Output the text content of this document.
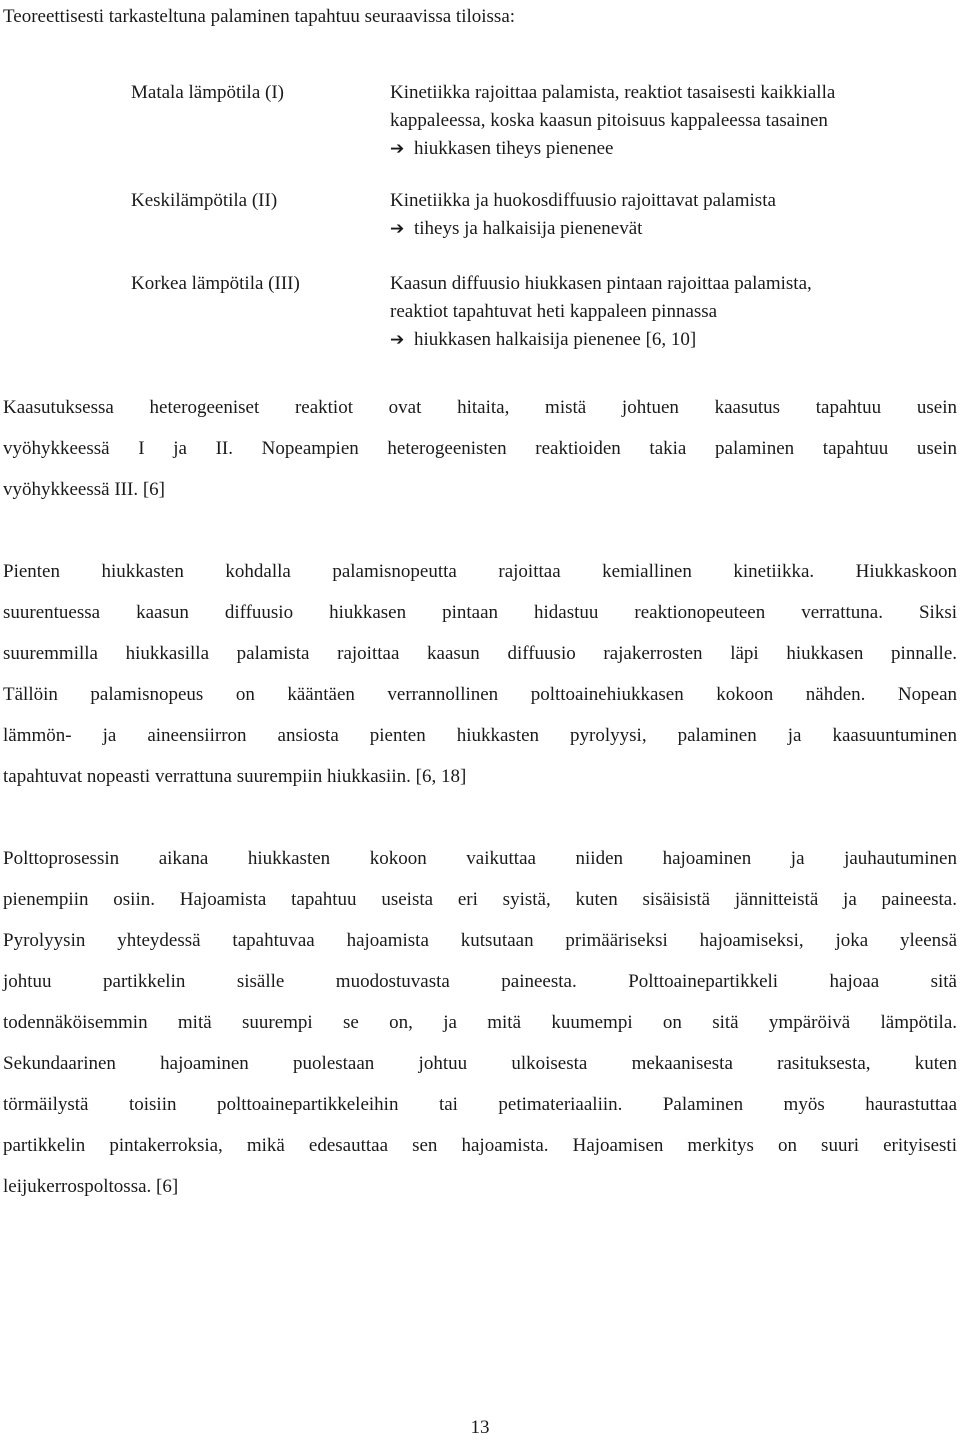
Teoreettisesti tarkasteltuna palaminen tapahtuu seuraavissa tiloissa:
Matala lämpötila (I)	Kinetiikka rajoittaa palamista, reaktiot tasaisesti kaikkialla
kappaleessa, koska kaasun pitoisuus kappaleessa tasainen
➔ hiukkasen tiheys pienenee
Keskilämpötila (II)	Kinetiikka ja huokosdiffuusio rajoittavat palamista
➔ tiheys ja halkaisija pienenevät
Korkea lämpötila (III)	Kaasun diffuusio hiukkasen pintaan rajoittaa palamista,
reaktiot tapahtuvat heti kappaleen pinnassa
➔ hiukkasen halkaisija pienenee [6, 10]
Kaasutuksessa heterogeeniset reaktiot ovat hitaita, mistä johtuen kaasutus tapahtuu usein
vyöhykkeessä I ja II. Nopeampien heterogeenisten reaktioiden takia palaminen tapahtuu usein
vyöhykkeessä III. [6]
Pienten hiukkasten kohdalla palamisnopeutta rajoittaa kemiallinen kinetiikka. Hiukkaskoon
suurentuessa kaasun diffuusio hiukkasen pintaan hidastuu reaktionopeuteen verrattuna. Siksi
suuremmilla hiukkasilla palamista rajoittaa kaasun diffuusio rajakerrosten läpi hiukkasen pinnalle.
Tällöin palamisnopeus on kääntäen verrannollinen polttoainehiukkasen kokoon nähden. Nopean
lämmön- ja aineensiirron ansiosta pienten hiukkasten pyrolyysi, palaminen ja kaasuuntuminen
tapahtuvat nopeasti verrattuna suurempiin hiukkasiin. [6, 18]
Polttoprosessin aikana hiukkasten kokoon vaikuttaa niiden hajoaminen ja jauhautuminen
pienempiin osiin. Hajoamista tapahtuu useista eri syistä, kuten sisäisistä jännitteistä ja paineesta.
Pyrolyysin yhteydessä tapahtuvaa hajoamista kutsutaan primääriseksi hajoamiseksi, joka yleensä
johtuu partikkelin sisälle muodostuvasta paineesta. Polttoainepartikkeli hajoaa sitä
todennäköisemmin mitä suurempi se on, ja mitä kuumempi on sitä ympäröivä lämpötila.
Sekundaarinen hajoaminen puolestaan johtuu ulkoisesta mekaanisesta rasituksesta, kuten
törmäilystä toisiin polttoainepartikkeleihin tai petimateriaaliin. Palaminen myös haurastuttaa
partikkelin pintakerroksia, mikä edesauttaa sen hajoamista. Hajoamisen merkitys on suuri erityisesti
leijukerrospoltossa. [6]
13
